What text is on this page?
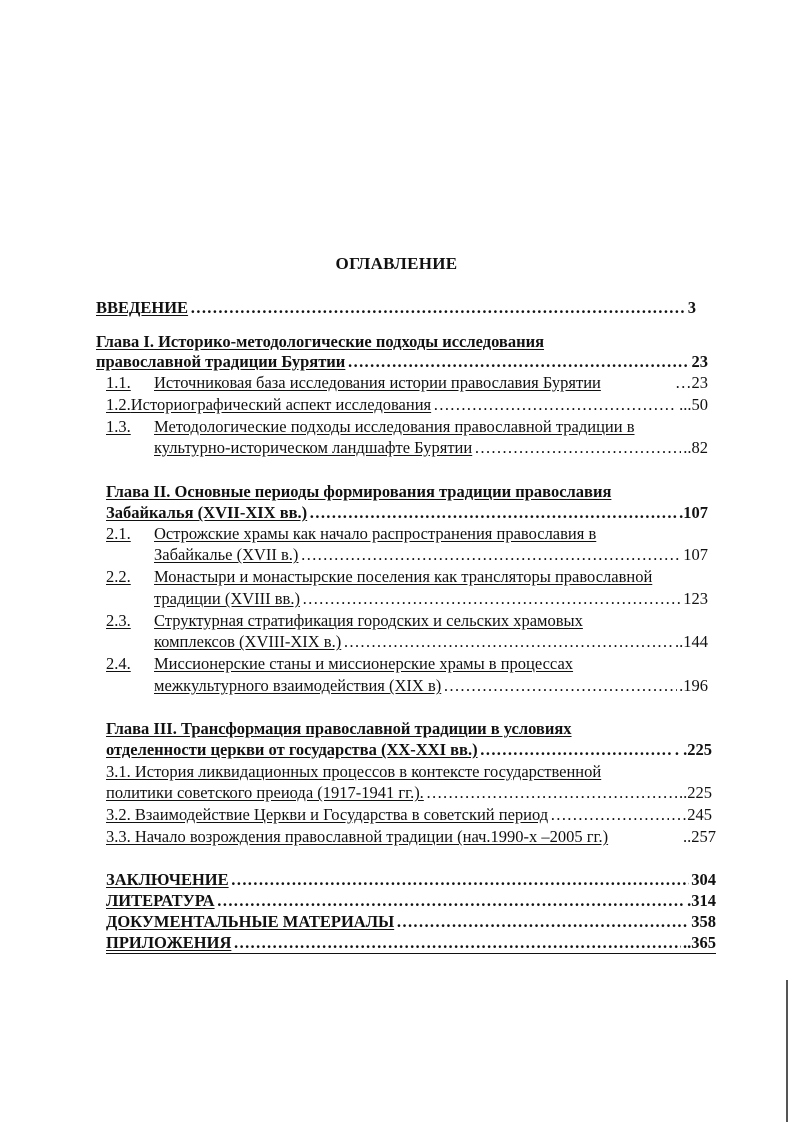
ОГЛАВЛЕНИЕ
ВВЕДЕНИЕ …………………………………………………………………………………………………………………………………………………………………………………………	3
Глава I. Историко-методологические подходы исследования
православной традиции Бурятии …………………………………………………………………………………………………………………………………………………………………………………………	23
1.1.	Источниковая база исследования истории православия Бурятии	…23
1.2. Историографический аспект исследования …………………………………………………………………………………………………………………………………………………………………………………………	...50
1.3.	Методологические подходы исследования православной традиции в
культурно-историческом ландшафте Бурятии …………………………………………………………………………………………………………………………………………………………………………………………	..82
Глава II. Основные периоды формирования традиции православия
Забайкалья (XVII-XIX вв.) …………………………………………………………………………………………………………………………………………………………………………………………	.107
2.1.	Острожские храмы как начало распространения православия в
Забайкалье (XVII в.) …………………………………………………………………………………………………………………………………………………………………………………………	107
2.2.	Монастыри и монастырские поселения как трансляторы православной
традиции (XVIII вв.) …………………………………………………………………………………………………………………………………………………………………………………………	123
2.3.	Структурная стратификация городских и сельских храмовых
комплексов (XVIII-XIX в.) …………………………………………………………………………………………………………………………………………………………………………………………	..144
2.4.	Миссионерские станы и миссионерские храмы в процессах
межкультурного взаимодействия (XIX в) …………………………………………………………………………………………………………………………………………………………………………………………	.196
Глава III. Трансформация православной традиции в условиях
отделенности церкви от государства (XX-XXI вв.) …………………………………………………………………………………………………………………………………………………………………………………………	. .225
3.1. История ликвидационных процессов в контексте государственной
политики советского преиода (1917-1941 гг.). …………………………………………………………………………………………………………………………………………………………………………………………	..225
3.2. Взаимодействие Церкви и Государства в советский период …………………………………………………………………………………………………………………………………………………………………………………………	…245
3.3. Начало возрождения православной традиции (нач.1990-х –2005 гг.)	..257
ЗАКЛЮЧЕНИЕ …………………………………………………………………………………………………………………………………………………………………………………………	304
ЛИТЕРАТУРА …………………………………………………………………………………………………………………………………………………………………………………………	.314
ДОКУМЕНТАЛЬНЫЕ МАТЕРИАЛЫ …………………………………………………………………………………………………………………………………………………………………………………………	358
ПРИЛОЖЕНИЯ …………………………………………………………………………………………………………………………………………………………………………………………	..365
